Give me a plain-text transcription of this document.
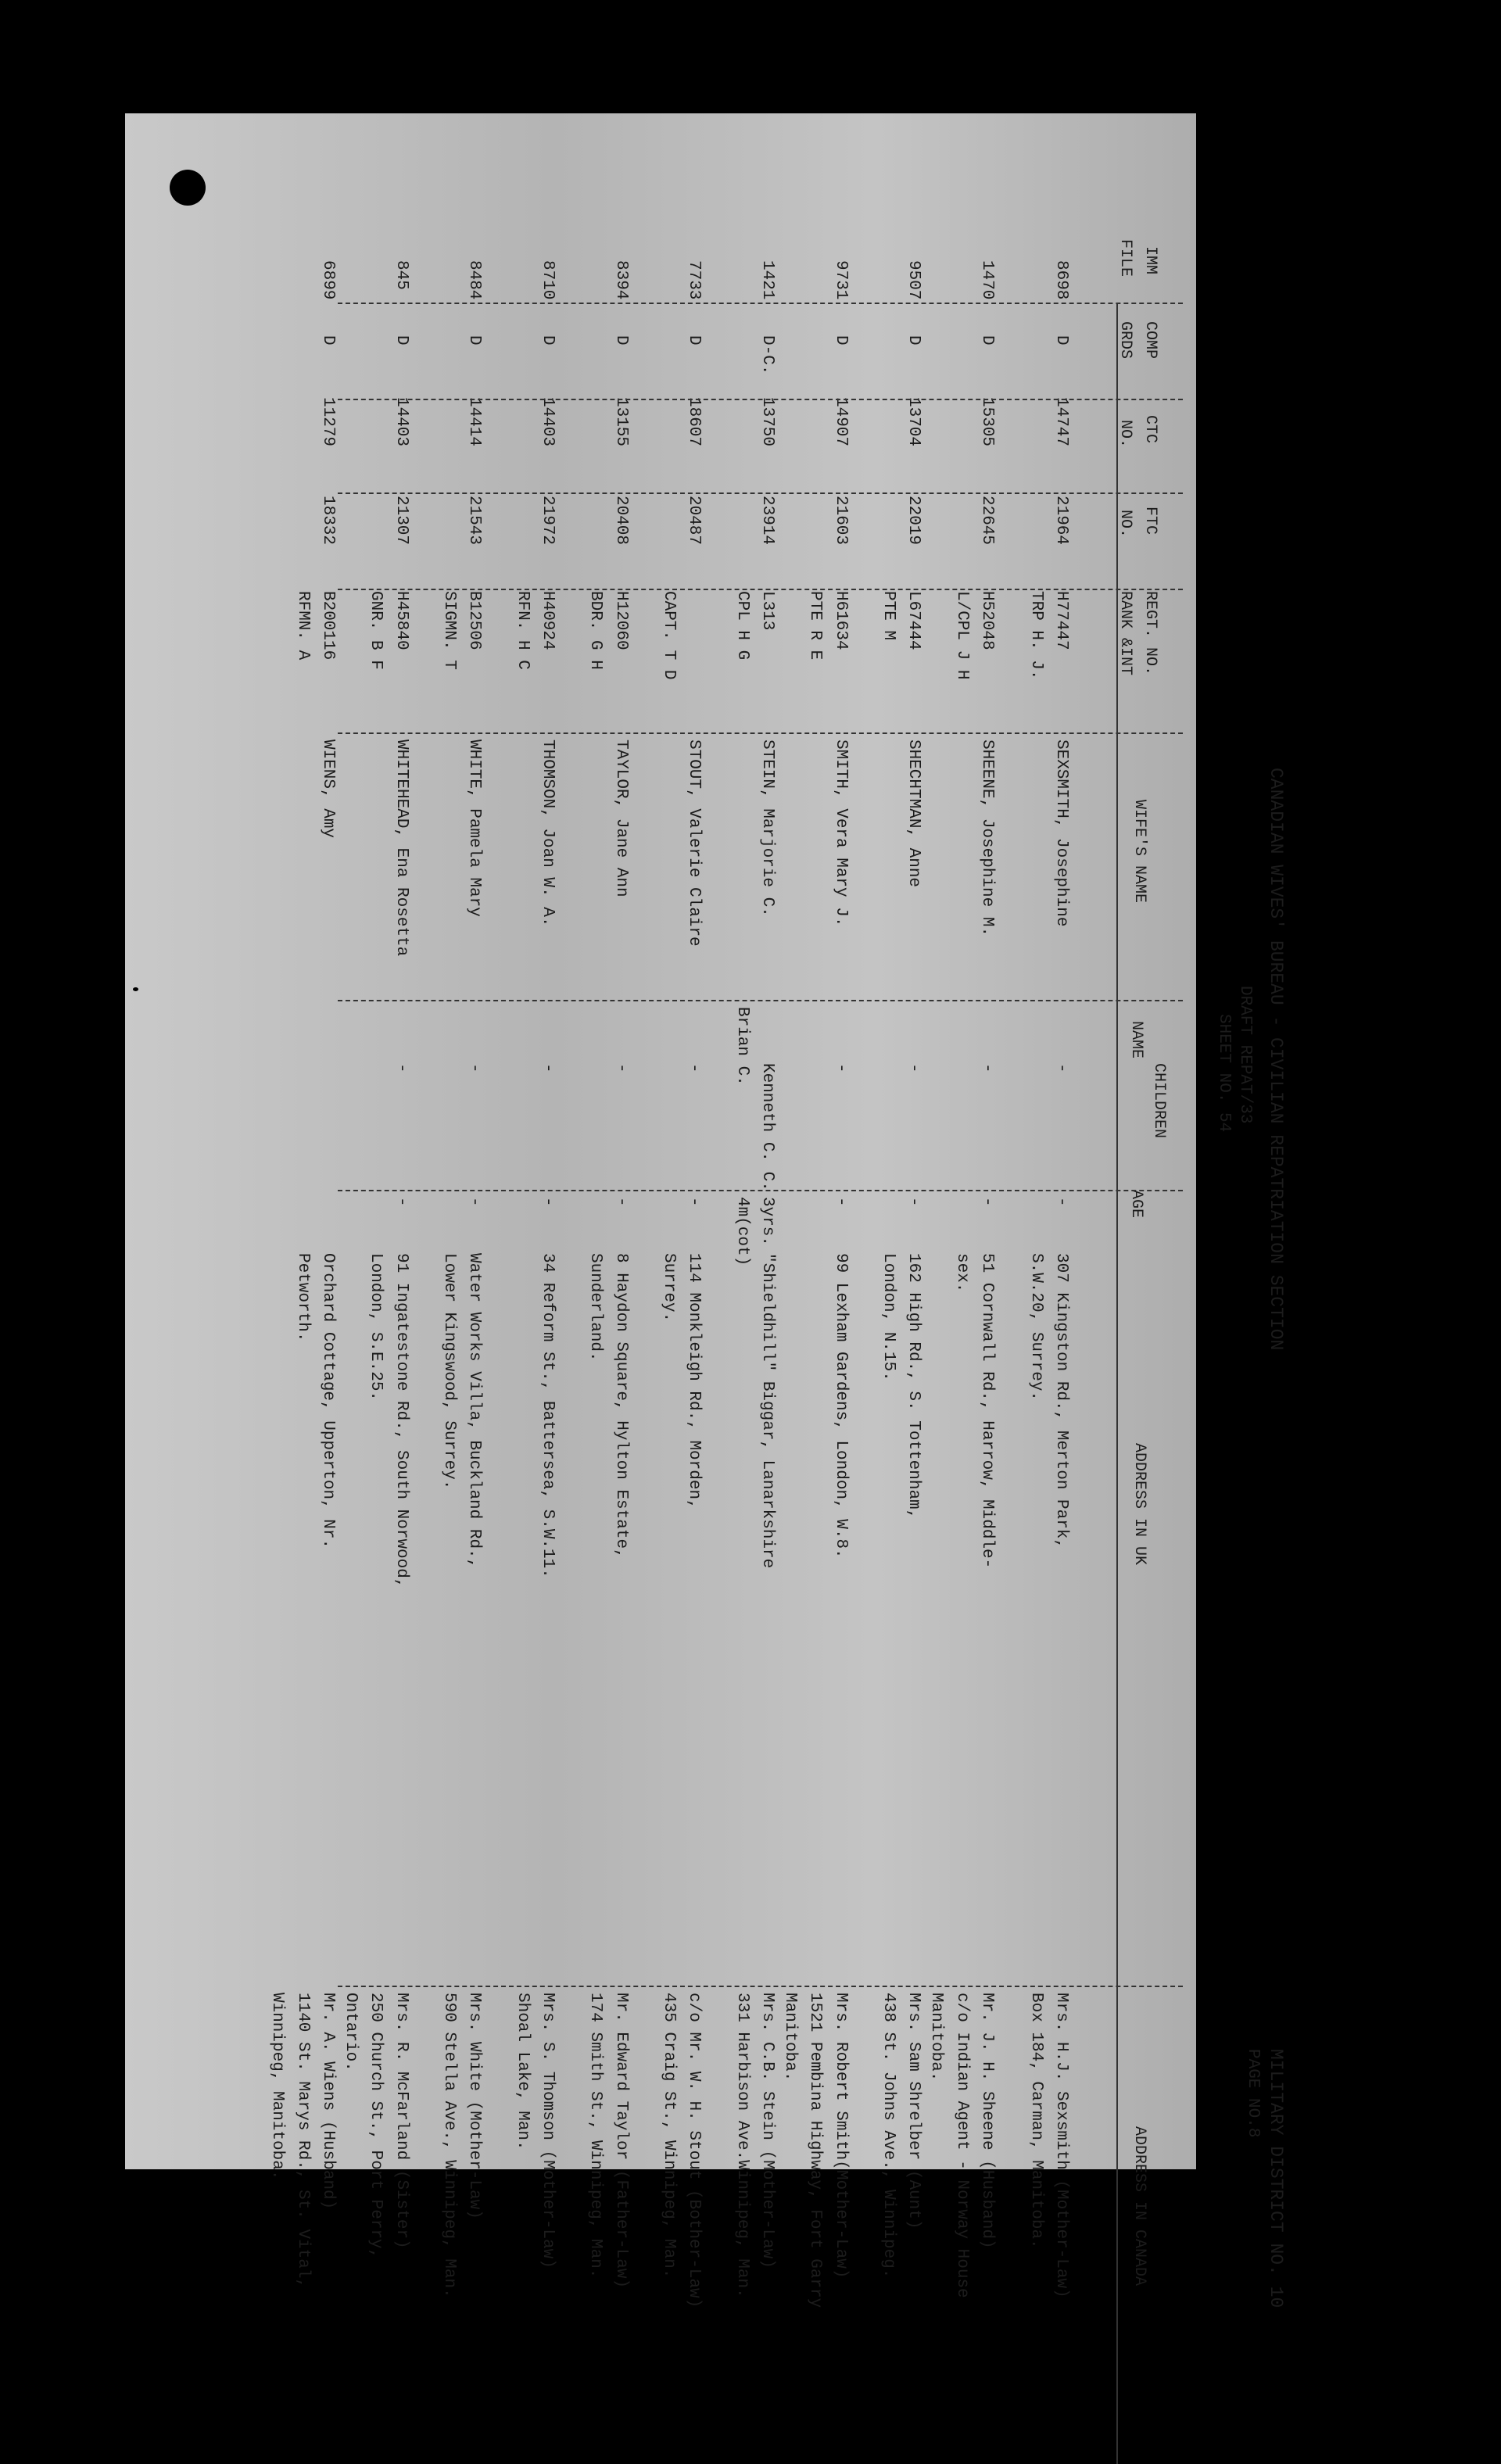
CANADIAN WIVES' BUREAU - CIVILIAN REPATRIATION SECTION
DRAFT REPAT/33
SHEET NO. 54
MILITARY DISTRICT NO. 10
PAGE NO.8
IMM
FILE
COMP
GRDS
CTC
NO.
FTC
NO.
REGT. NO.
RANK &INT
WIFE'S NAME
CHILDREN
NAME
AGE
ADDRESS IN UK
ADDRESS IN CANADA
8698
D
14747
21964
H77447
TRP H. J.
SEXSMITH, Josephine
-
-
307 Kingston Rd., Merton Park,
S.W.20, Surrey.
Mrs. H.J. Sexsmith (Mother-Law)
Box 184, Carman, Manitoba.
1470
D
15305
22645
H52048
L/CPL J H
SHEENE, Josephine M.
-
-
51 Cornwall Rd., Harrow, Middle-
sex.
Mr. J. H. Sheene (Husband)
c/o Indian Agent - Norway House
Manitoba.
9507
D
13704
22019
L67444
PTE M
SHECHTMAN, Anne
-
-
162 High Rd., S. Tottenham,
London, N.15.
Mrs. Sam Shrelber (Aunt)
438 St. Johns Ave., Winnipeg.
9731
D
14907
21603
H61634
PTE R E
SMITH, Vera Mary J.
-
-
99 Lexham Gardens, London, W.8.
Mrs. Robert Smith(Mother-Law)
1521 Pembina Highway, Fort Garry
Manitoba.
1421
D-C.
13750
23914
L313
CPL H G
STEIN, Marjorie C.
Kenneth C. C.
Brian C.
3yrs.
4m(cot)
"Shieldhill" Biggar, Lanarkshire
Mrs. C.B. Stein (Mother-Law)
331 Harbison Ave.Winnipeg, Man.
7733
D
18607
20487
CAPT. T D
STOUT, Valerie Claire
-
-
114 Monkleigh Rd., Morden,
Surrey.
c/o Mr. W. H. Stout (Bother-Law)
435 Craig St., Winnipeg, Man.
8394
D
13155
20408
H12060
BDR. G H
TAYLOR, Jane Ann
-
-
8 Haydon Square, Hylton Estate,
Sunderland.
Mr. Edward Taylor (Father-Law)
174 Smith St., Winnipeg, Man.
8710
D
14403
21972
H40924
RFN. H C
THOMSON, Joan W. A.
-
-
34 Reform St., Battersea, S.W.11.
Mrs. S. Thomson (Mother-Law)
Shoal Lake, Man.
8484
D
14414
21543
B12506
SIGMN. T
WHITE, Pamela Mary
-
-
Water Works Villa, Buckland Rd.,
Lower Kingswood, Surrey.
Mrs. White (Mother-Law)
590 Stella Ave., Winnipeg, Man.
845
D
14403
21307
H45840
GNR. B F
WHITEHEAD, Ena Rosetta
-
-
91 Ingatestone Rd., South Norwood,
London, S.E.25.
Mrs. R. McFarland (Sister)
250 Church St., Port Perry,
Ontario.
6899
D
11279
18332
B200116
RFMN. A
WIENS, Amy
Orchard Cottage, Upperton, Nr.
Petworth.
Mr. A. Wiens (Husband)
1140 St. Marys Rd., St. Vital,
Winnipeg, Manitoba.
21	Shoal, Man.
